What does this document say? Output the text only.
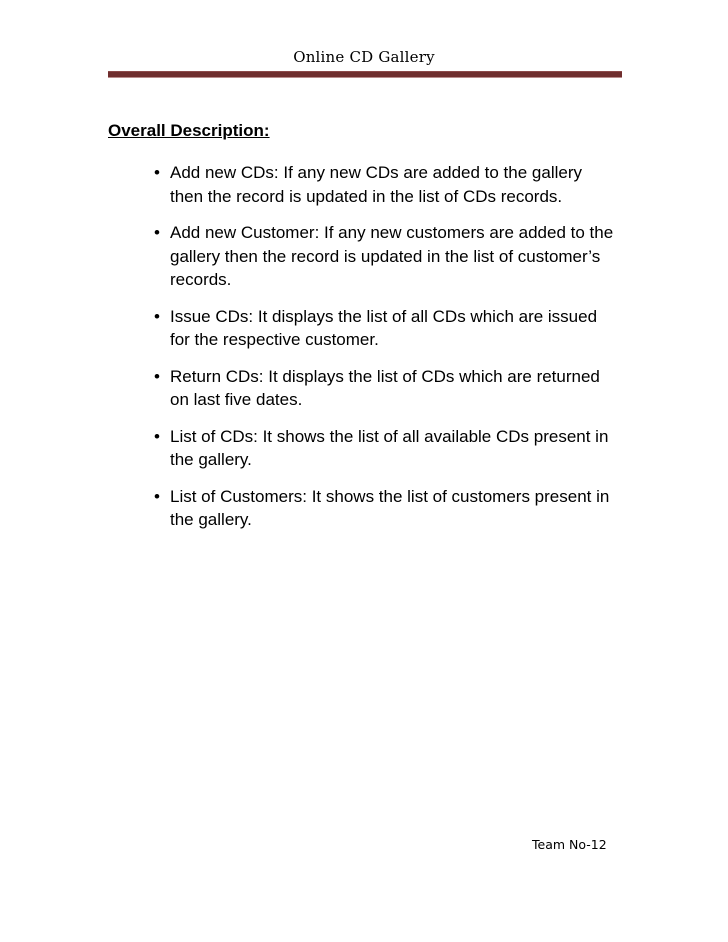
Online CD Gallery
Overall Description:
• Add new CDs: If any new CDs are added to the gallery then the record is updated in the list of CDs records.
• Add new Customer: If any new customers are added to the gallery then the record is updated in the list of customer’s records.
• Issue CDs: It displays the list of all CDs which are issued for the respective customer.
• Return CDs: It displays the list of CDs which are returned on last five dates.
• List of CDs: It shows the list of all available CDs present in the gallery.
• List of Customers: It shows the list of customers present in the gallery.
Team No-12
